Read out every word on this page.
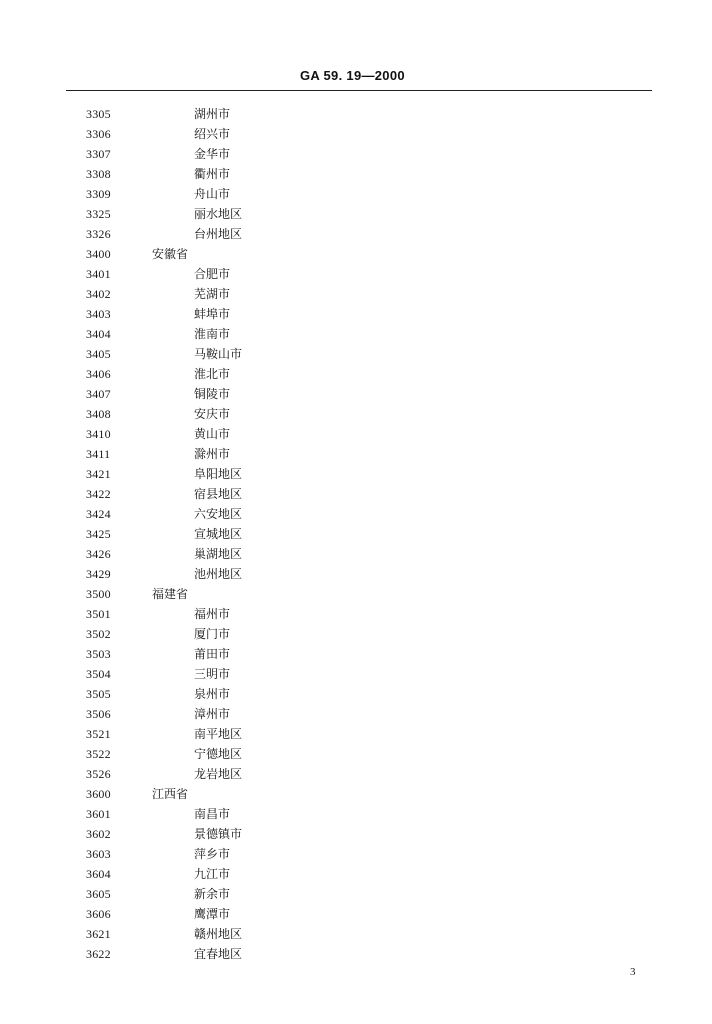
GA 59. 19—2000
3305	湖州市
3306	绍兴市
3307	金华市
3308	衢州市
3309	舟山市
3325	丽水地区
3326	台州地区
3400	安徽省
3401	合肥市
3402	芜湖市
3403	蚌埠市
3404	淮南市
3405	马鞍山市
3406	淮北市
3407	铜陵市
3408	安庆市
3410	黄山市
3411	滁州市
3421	阜阳地区
3422	宿县地区
3424	六安地区
3425	宣城地区
3426	巢湖地区
3429	池州地区
3500	福建省
3501	福州市
3502	厦门市
3503	莆田市
3504	三明市
3505	泉州市
3506	漳州市
3521	南平地区
3522	宁德地区
3526	龙岩地区
3600	江西省
3601	南昌市
3602	景德镇市
3603	萍乡市
3604	九江市
3605	新余市
3606	鹰潭市
3621	赣州地区
3622	宜春地区
3
